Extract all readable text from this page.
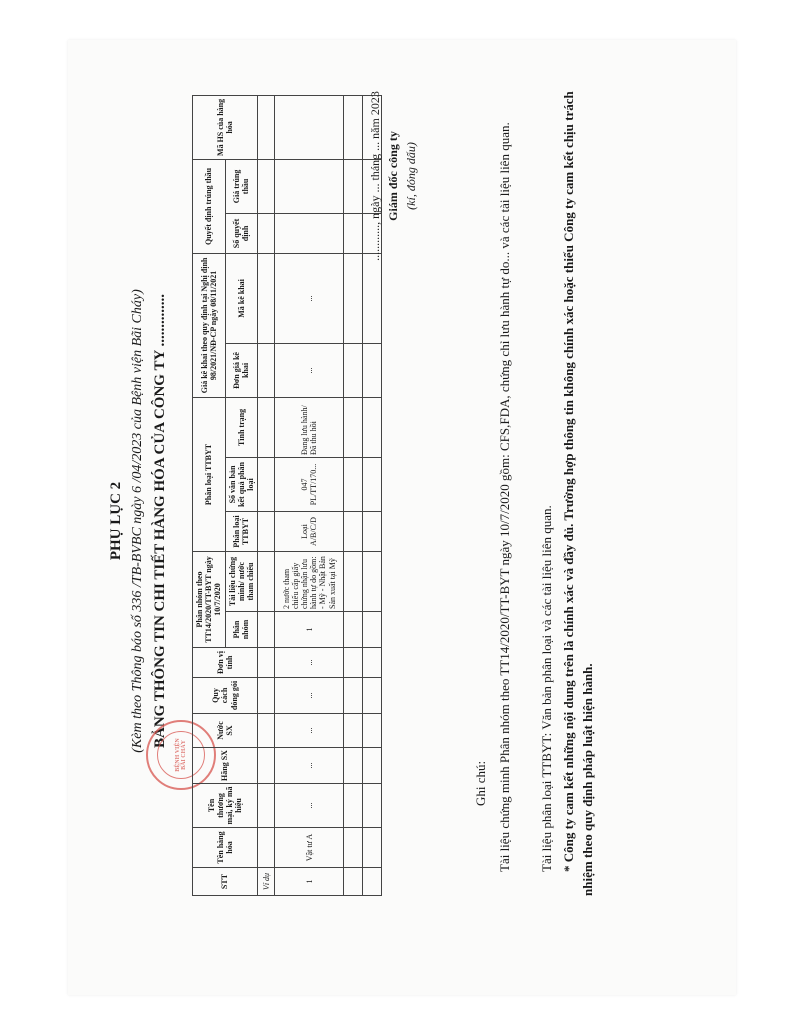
PHỤ LỤC 2 (Kèm theo Thông báo số 336 /TB-BVBC ngày 6 /04/2023 của Bệnh viện Bãi Cháy) BẢNG THÔNG TIN CHI TIẾT HÀNG HÓA CỦA CÔNG TY ..............
BỆNH VIỆN BÃI CHÁY
STT	Tên hàng hóa	Tên thương mại, ký mã hiệu	Hãng SX	Nước SX	Quy cách đóng gói	Đơn vị tính	Phân nhóm theo TT14/2020/TT-BYT ngày 10/7/2020		Phân loại TTBYT			Giá kê khai theo quy định tại Nghị định 98/2021/NĐ-CP ngày 08/11/2021		Quyết định trúng thầu		Mã HS của hàng hóa
							Phân nhóm	Tài liệu chứng minh/ nước tham chiếu	Phân loại TTBYT	Số văn bản kết quả phân loại	Tình trạng	Đơn giá kê khai	Mã kê khai	Số quyết định	Giá trúng thầu	
Ví dụ																
1	Vật tư A	...	...	...	...	...	1	2 nước tham chiếu cấp giấy chứng nhận lưu hành tự do gồm: - Mỹ - Nhật Bản Sản xuất tại Mỹ	Loại A/B/C/D	047 PL/TT/170...	Đang lưu hành/ Đã thu hồi	...	...			

............, ngày ... tháng ... năm 2023 Giám đốc công ty (kí, đóng dấu)
Ghi chú: Tài liệu chứng minh Phân nhóm theo TT14/2020/TT-BYT ngày 10/7/2020 gồm: CFS,FDA, chứng chỉ lưu hành tự do... và các tài liệu liên quan. Tài liệu phân loại TTBYT: Văn bản phân loại và các tài liệu liên quan. * Công ty cam kết những nội dung trên là chính xác và đầy đủ. Trường hợp thông tin không chính xác hoặc thiếu Công ty cam kết chịu trách nhiệm theo quy định pháp luật hiện hành.
